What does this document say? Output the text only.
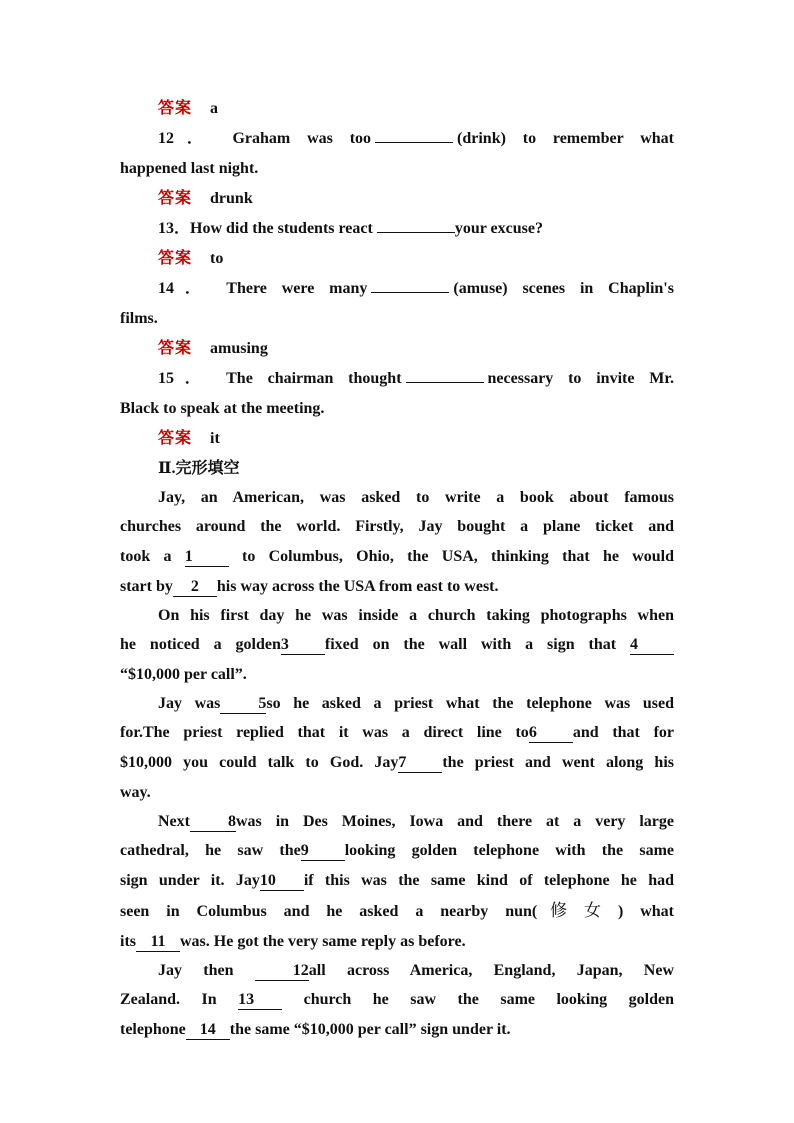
答案 a

12． Graham was too	(drink) to remember what

happened last night.

答案 drunk

13．How did the students react	your excuse?

答案 to

14． There were many	(amuse) scenes in Chaplin's

films.

答案 amusing

15． The chairman thought	necessary to invite Mr.

Black to speak at the meeting.

答案 it

Ⅱ.完形填空

Jay, an American, was asked to write a book about famous

churches around the world. Firstly, Jay bought a plane ticket and

took a 1	to Columbus, Ohio, the USA, thinking that he would

start by 2 his way across the USA from east to west.

On his first day he was inside a church taking photographs when

he noticed a golden3 fixed on the wall with a sign that 4

“$10,000 per call”.

Jay was 5so he asked a priest what the telephone was used

for.The priest replied that it was a direct line to6 and that for

$10,000 you could talk to God. Jay7 the priest and went along his

way.

Next 8was in Des Moines, Iowa and there at a very large

cathedral, he saw the9 looking golden telephone with the same

sign under it. Jay10 if this was the same kind of telephone he had

seen in Columbus and he asked a nearby nun(修女) what

its 11 was. He got the very same reply as before.

Jay then	12all across America, England, Japan, New

Zealand. In 13	church he saw the same looking golden

telephone 14 the same “$10,000 per call” sign under it.
